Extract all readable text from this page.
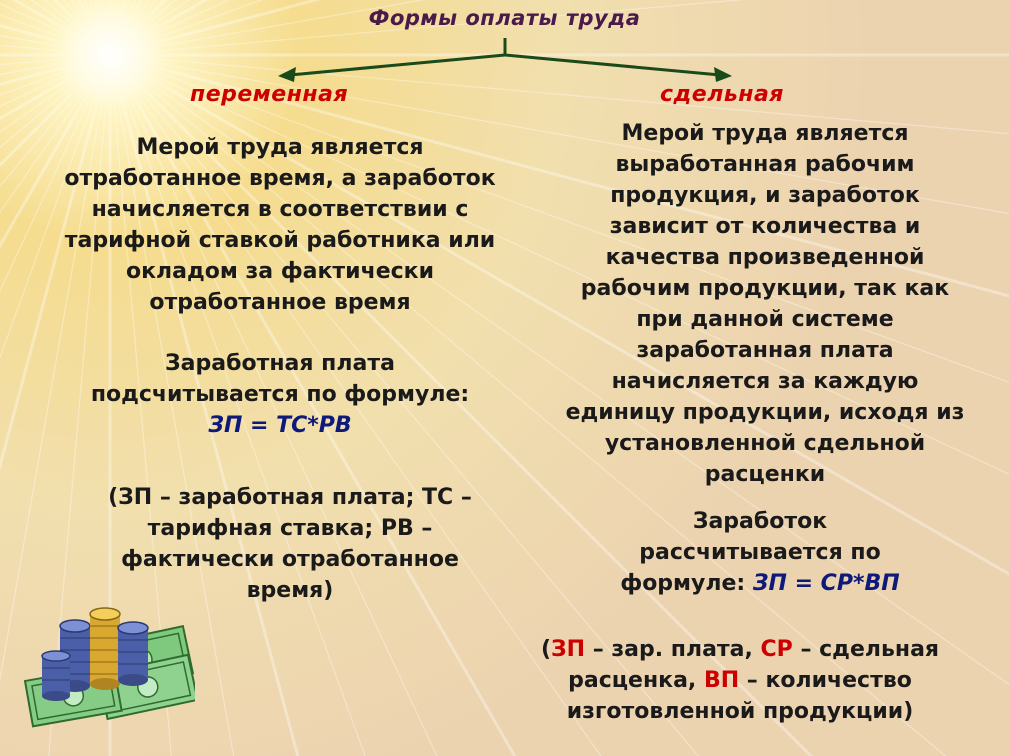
Формы оплаты труда
переменная	сдельная
Мерой труда является
отработанное время, а заработок
начисляется в соответствии с
тарифной ставкой работника или
окладом за фактически
отработанное время
Заработная плата
подсчитывается по формуле:
ЗП = ТС*РВ
(ЗП – заработная плата; ТС –
тарифная ставка; РВ –
фактически отработанное
время)
Мерой труда является
выработанная рабочим
продукция, и заработок
зависит от количества и
качества произведенной
рабочим продукции, так как
при данной системе
заработанная плата
начисляется за каждую
единицу продукции, исходя из
установленной сдельной
расценки
Заработок
рассчитывается по
формуле: ЗП = СР*ВП
(ЗП – зар. плата, СР – сдельная
расценка, ВП – количество
изготовленной продукции)
